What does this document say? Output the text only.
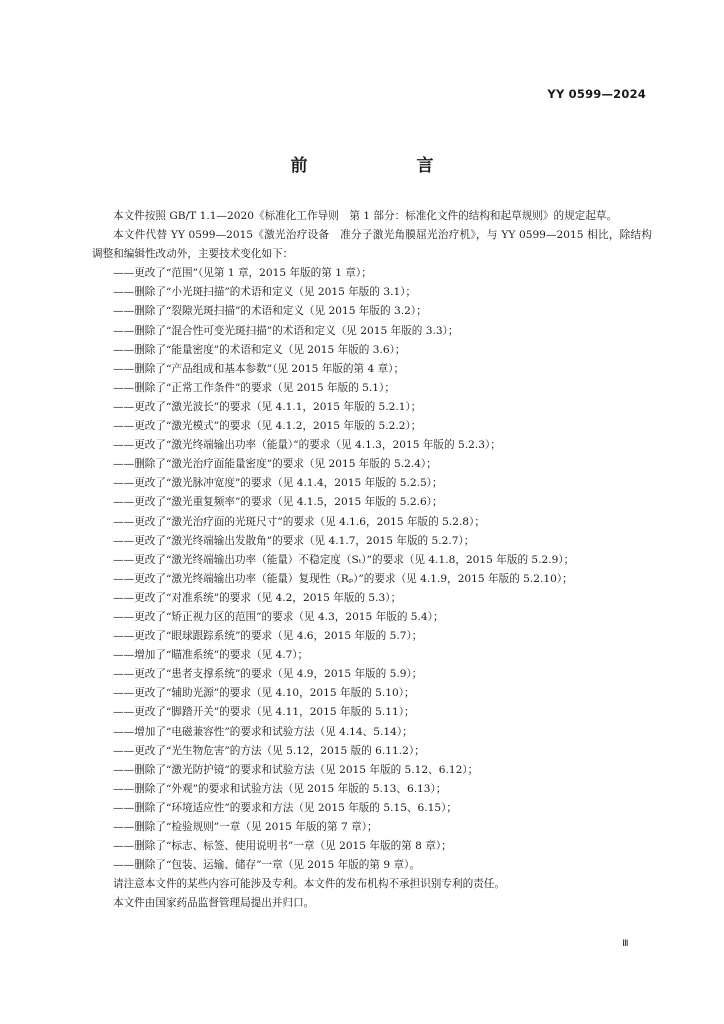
YY 0599—2024
前　言
本文件按照 GB/T 1.1—2020《标准化工作导则　第 1 部分：标准化文件的结构和起草规则》的规定起草。
本文件代替 YY 0599—2015《激光治疗设备　准分子激光角膜屈光治疗机》，与 YY 0599—2015 相比，除结构调整和编辑性改动外，主要技术变化如下：
——更改了“范围”（见第 1 章，2015 年版的第 1 章）；
——删除了“小光斑扫描”的术语和定义（见 2015 年版的 3.1）；
——删除了“裂隙光斑扫描”的术语和定义（见 2015 年版的 3.2）；
——删除了“混合性可变光斑扫描”的术语和定义（见 2015 年版的 3.3）；
——删除了“能量密度”的术语和定义（见 2015 年版的 3.6）；
——删除了“产品组成和基本参数”（见 2015 年版的第 4 章）；
——删除了“正常工作条件”的要求（见 2015 年版的 5.1）；
——更改了“激光波长”的要求（见 4.1.1，2015 年版的 5.2.1）；
——更改了“激光模式”的要求（见 4.1.2，2015 年版的 5.2.2）；
——更改了“激光终端输出功率（能量）”的要求（见 4.1.3，2015 年版的 5.2.3）；
——删除了“激光治疗面能量密度”的要求（见 2015 年版的 5.2.4）；
——更改了“激光脉冲宽度”的要求（见 4.1.4，2015 年版的 5.2.5）；
——更改了“激光重复频率”的要求（见 4.1.5，2015 年版的 5.2.6）；
——更改了“激光治疗面的光斑尺寸”的要求（见 4.1.6，2015 年版的 5.2.8）；
——更改了“激光终端输出发散角”的要求（见 4.1.7，2015 年版的 5.2.7）；
——更改了“激光终端输出功率（能量）不稳定度（Sₜ）”的要求（见 4.1.8，2015 年版的 5.2.9）；
——更改了“激光终端输出功率（能量）复现性（Rₚ）”的要求（见 4.1.9，2015 年版的 5.2.10）；
——更改了“对准系统”的要求（见 4.2，2015 年版的 5.3）；
——更改了“矫正视力区的范围”的要求（见 4.3，2015 年版的 5.4）；
——更改了“眼球跟踪系统”的要求（见 4.6，2015 年版的 5.7）；
——增加了“瞄准系统”的要求（见 4.7）；
——更改了“患者支撑系统”的要求（见 4.9，2015 年版的 5.9）；
——更改了“辅助光源”的要求（见 4.10，2015 年版的 5.10）；
——更改了“脚踏开关”的要求（见 4.11，2015 年版的 5.11）；
——增加了“电磁兼容性”的要求和试验方法（见 4.14、5.14）；
——更改了“光生物危害”的方法（见 5.12，2015 版的 6.11.2）；
——删除了“激光防护镜”的要求和试验方法（见 2015 年版的 5.12、6.12）；
——删除了“外观”的要求和试验方法（见 2015 年版的 5.13、6.13）；
——删除了“环境适应性”的要求和方法（见 2015 年版的 5.15、6.15）；
——删除了“检验规则”一章（见 2015 年版的第 7 章）；
——删除了“标志、标签、使用说明书”一章（见 2015 年版的第 8 章）；
——删除了“包装、运输、储存”一章（见 2015 年版的第 9 章）。
请注意本文件的某些内容可能涉及专利。本文件的发布机构不承担识别专利的责任。
本文件由国家药品监督管理局提出并归口。
Ⅲ
